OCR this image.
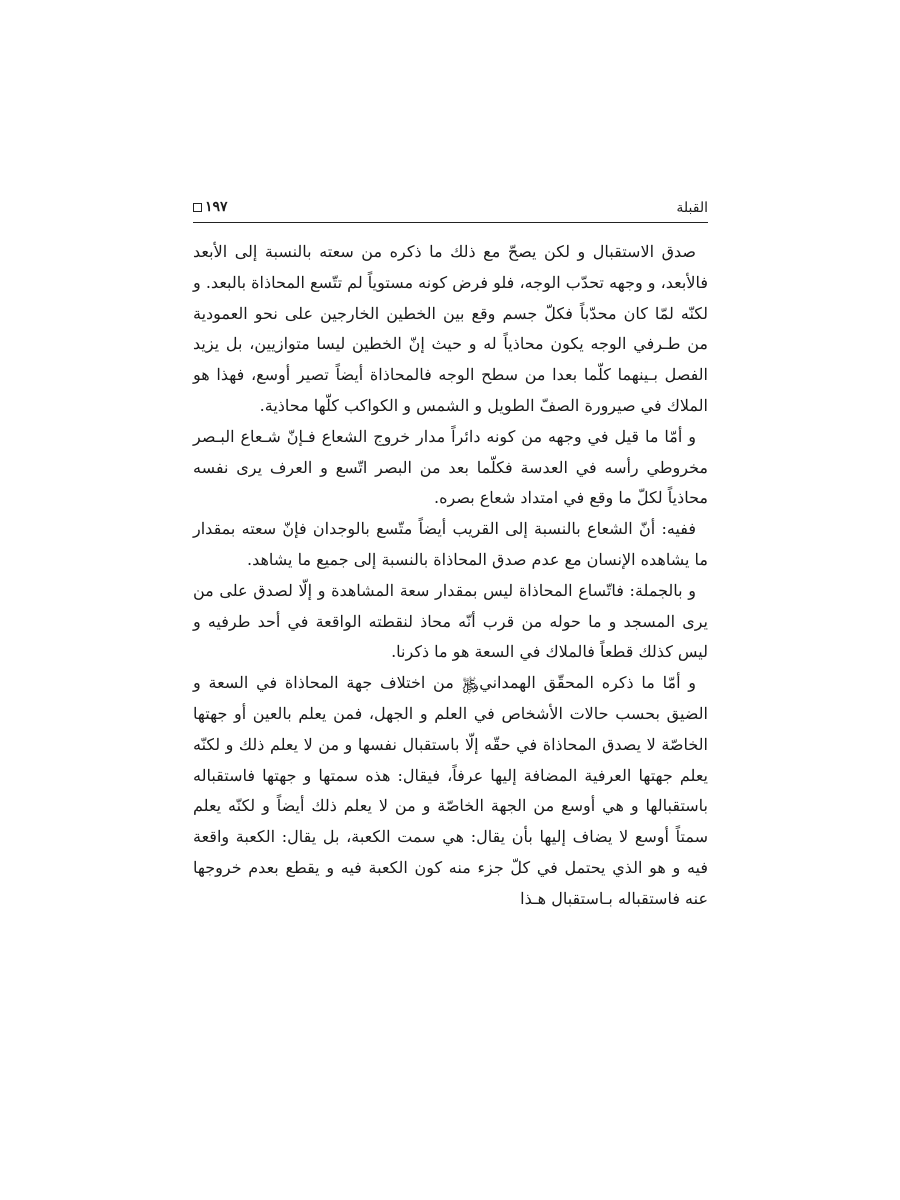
القبلة
١٩٧

صدق الاستقبال و لكن يصحّ مع ذلك ما ذكره من سعته بالنسبة إلى الأبعد فالأبعد، و وجهه تحدّب الوجه، فلو فرض كونه مستوياً لم تتّسع المحاذاة بالبعد. و لكنّه لمّا كان محدّباً فكلّ جسم وقع بين الخطين الخارجين على نحو العمودية من طـرفي الوجه يكون محاذياً له و حيث إنّ الخطين ليسا متوازيين، بل يزيد الفصل بـينهما كلّما بعدا من سطح الوجه فالمحاذاة أيضاً تصير أوسع، فهذا هو الملاك في صيرورة الصفّ الطويل و الشمس و الكواكب كلّها محاذية.

و أمّا ما قيل في وجهه من كونه دائراً مدار خروج الشعاع فـإنّ شـعاع البـصر مخروطي رأسه في العدسة فكلّما بعد من البصر اتّسع و العرف يرى نفسه محاذياً لكلّ ما وقع في امتداد شعاع بصره.

ففيه: أنّ الشعاع بالنسبة إلى القريب أيضاً متّسع بالوجدان فإنّ سعته بمقدار ما يشاهده الإنسان مع عدم صدق المحاذاة بالنسبة إلى جميع ما يشاهد.

و بالجملة: فاتّساع المحاذاة ليس بمقدار سعة المشاهدة و إلّا لصدق على من يرى المسجد و ما حوله من قرب أنّه محاذ لنقطته الواقعة في أحد طرفيه و ليس كذلك قطعاً فالملاك في السعة هو ما ذكرنا.

و أمّا ما ذكره المحقّق الهمداني﷿ من اختلاف جهة المحاذاة في السعة و الضيق بحسب حالات الأشخاص في العلم و الجهل، فمن يعلم بالعين أو جهتها الخاصّة لا يصدق المحاذاة في حقّه إلّا باستقبال نفسها و من لا يعلم ذلك و لكنّه يعلم جهتها العرفية المضافة إليها عرفاً، فيقال: هذه سمتها و جهتها فاستقباله باستقبالها و هي أوسع من الجهة الخاصّة و من لا يعلم ذلك أيضاً و لكنّه يعلم سمتاً أوسع لا يضاف إليها بأن يقال: هي سمت الكعبة، بل يقال: الكعبة واقعة فيه و هو الذي يحتمل في كلّ جزء منه كون الكعبة فيه و يقطع بعدم خروجها عنه فاستقباله بـاستقبال هـذا
